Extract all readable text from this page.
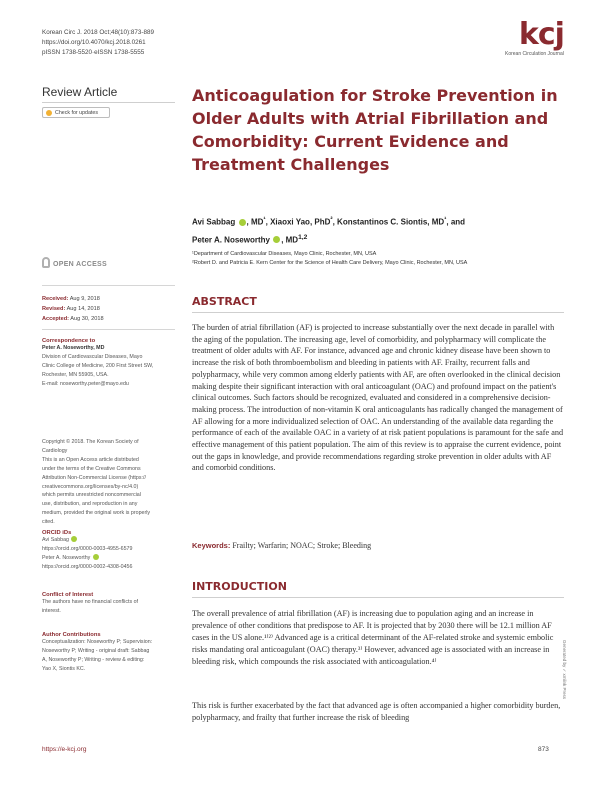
Korean Circ J. 2018 Oct;48(10):873-889
https://doi.org/10.4070/kcj.2018.0261
pISSN 1738-5520·eISSN 1738-5555
kcj
Korean Circulation Journal
Review Article
Check for updates
Anticoagulation for Stroke Prevention in Older Adults with Atrial Fibrillation and Comorbidity: Current Evidence and Treatment Challenges
Avi Sabbag , $MD^{^1}$, Xiaoxi Yao, PhD$^{^2}$, Konstantinos C. Siontis, $MD^{^1}$, and
Peter A. Noseworthy , MD$^{1,2}$
¹Department of Cardiovascular Diseases, Mayo Clinic, Rochester, MN, USA
²Robert D. and Patricia E. Kern Center for the Science of Health Care Delivery, Mayo Clinic, Rochester, MN, USA
OPEN ACCESS
Received: Aug 9, 2018
Revised: Aug 14, 2018
Accepted: Aug 30, 2018
Correspondence to
Peter A. Noseworthy, MD
Division of Cardiovascular Diseases, Mayo
Clinic College of Medicine, 200 First Street SW,
Rochester, MN 55905, USA.
E-mail: noseworthy.peter@mayo.edu
Copyright © 2018. The Korean Society of
Cardiology
This is an Open Access article distributed
under the terms of the Creative Commons
Attribution Non-Commercial License (https://
creativecommons.org/licenses/by-nc/4.0)
which permits unrestricted noncommercial
use, distribution, and reproduction in any
medium, provided the original work is properly
cited.
ORCID iDs
Avi Sabbag
https://orcid.org/0000-0003-4955-6579
Peter A. Noseworthy
https://orcid.org/0000-0002-4308-0456
Conflict of Interest
The authors have no financial conflicts of
interest.
Author Contributions
Conceptualization: Noseworthy P; Supervision:
Noseworthy P; Writing - original draft: Sabbag
A, Noseworthy P; Writing - review & editing:
Yao X, Siontis KC.
ABSTRACT

The burden of atrial fibrillation (AF) is projected to increase substantially over the next decade in parallel with the aging of the population. The increasing age, level of comorbidity, and polypharmacy will complicate the treatment of older adults with AF. For instance, advanced age and chronic kidney disease have been shown to increase the risk of both thromboembolism and bleeding in patients with AF. Frailty, recurrent falls and polypharmacy, while very common among elderly patients with AF, are often overlooked in the clinical decision making despite their significant interaction with oral anticoagulant (OAC) and profound impact on the patient's clinical outcomes. Such factors should be recognized, evaluated and considered in a comprehensive decision-making process. The introduction of non-vitamin K oral anticoagulants has radically changed the management of AF allowing for a more individualized selection of OAC. An understanding of the available data regarding the performance of each of the available OAC in a variety of at risk patient populations is paramount for the safe and effective management of this patient population. The aim of this review is to appraise the current evidence, point out the gaps in knowledge, and provide recommendations regarding stroke prevention in older adults with AF and comorbid conditions.

Keywords: Frailty; Warfarin; NOAC; Stroke; Bleeding
INTRODUCTION
The overall prevalence of atrial fibrillation (AF) is increasing due to population aging and an increase in prevalence of other conditions that predispose to AF. It is projected that by 2030 there will be 12.1 million AF cases in the US alone.¹⁾²⁾ Advanced age is a critical determinant of the AF-related stroke and systemic embolic risks mandating oral anticoagulant (OAC) therapy.³⁾ However, advanced age is associated with an increase in bleeding risk, which compounds the risk associated with anticoagulation.⁴⁾
This risk is further exacerbated by the fact that advanced age is often accompanied a higher comorbidity burden, polypharmacy, and frailty that further increase the risk of bleeding
Generated by ✓ xmlink Press
https://e-kcj.org	873
